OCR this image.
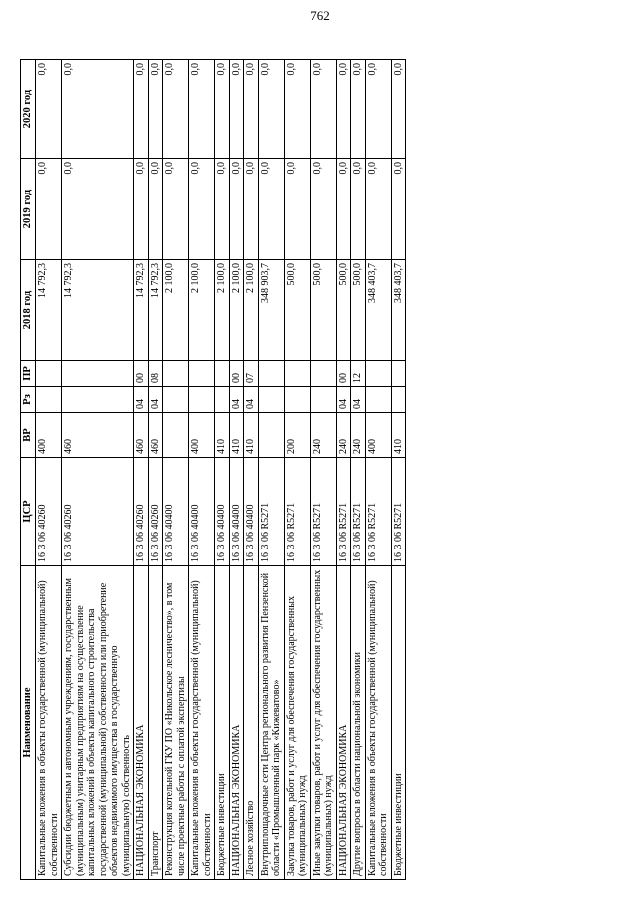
762
Наименование	ЦСР	ВР	Рз	ПР	2018 год	2019 год	2020 год
Капитальные вложения в объекты государственной (муниципальной) собственности	16 3 06 40260	400			14 792,3	0,0	0,0
Субсидии бюджетным и автономным учреждениям, государственным (муниципальным) унитарным предприятиям на осуществление капитальных вложений в объекты капитального строительства государственной (муниципальной) собственности или приобретение объектов недвижимого имущества в государственную (муниципальную) собственность	16 3 06 40260	460			14 792,3	0,0	0,0
НАЦИОНАЛЬНАЯ ЭКОНОМИКА	16 3 06 40260	460	04	00	14 792,3	0,0	0,0
Транспорт	16 3 06 40260	460	04	08	14 792,3	0,0	0,0
Реконструкция котельной ГКУ ПО «Никольское лесничество», в том числе проектные работы с оплатой экспертизы	16 3 06 40400				2 100,0	0,0	0,0
Капитальные вложения в объекты государственной (муниципальной) собственности	16 3 06 40400	400			2 100,0	0,0	0,0
Бюджетные инвестиции	16 3 06 40400	410			2 100,0	0,0	0,0
НАЦИОНАЛЬНАЯ ЭКОНОМИКА	16 3 06 40400	410	04	00	2 100,0	0,0	0,0
Лесное хозяйство	16 3 06 40400	410	04	07	2 100,0	0,0	0,0
Внутриплощадочные сети Центра регионального развития Пензенской области «Промышленный парк «Кижеватово»	16 3 06 R5271				348 903,7	0,0	0,0
Закупка товаров, работ и услуг для обеспечения государственных (муниципальных) нужд	16 3 06 R5271	200			500,0	0,0	0,0
Иные закупки товаров, работ и услуг для обеспечения государственных (муниципальных) нужд	16 3 06 R5271	240			500,0	0,0	0,0
НАЦИОНАЛЬНАЯ ЭКОНОМИКА	16 3 06 R5271	240	04	00	500,0	0,0	0,0
Другие вопросы в области национальной экономики	16 3 06 R5271	240	04	12	500,0	0,0	0,0
Капитальные вложения в объекты государственной (муниципальной) собственности	16 3 06 R5271	400			348 403,7	0,0	0,0
Бюджетные инвестиции	16 3 06 R5271	410			348 403,7	0,0	0,0
